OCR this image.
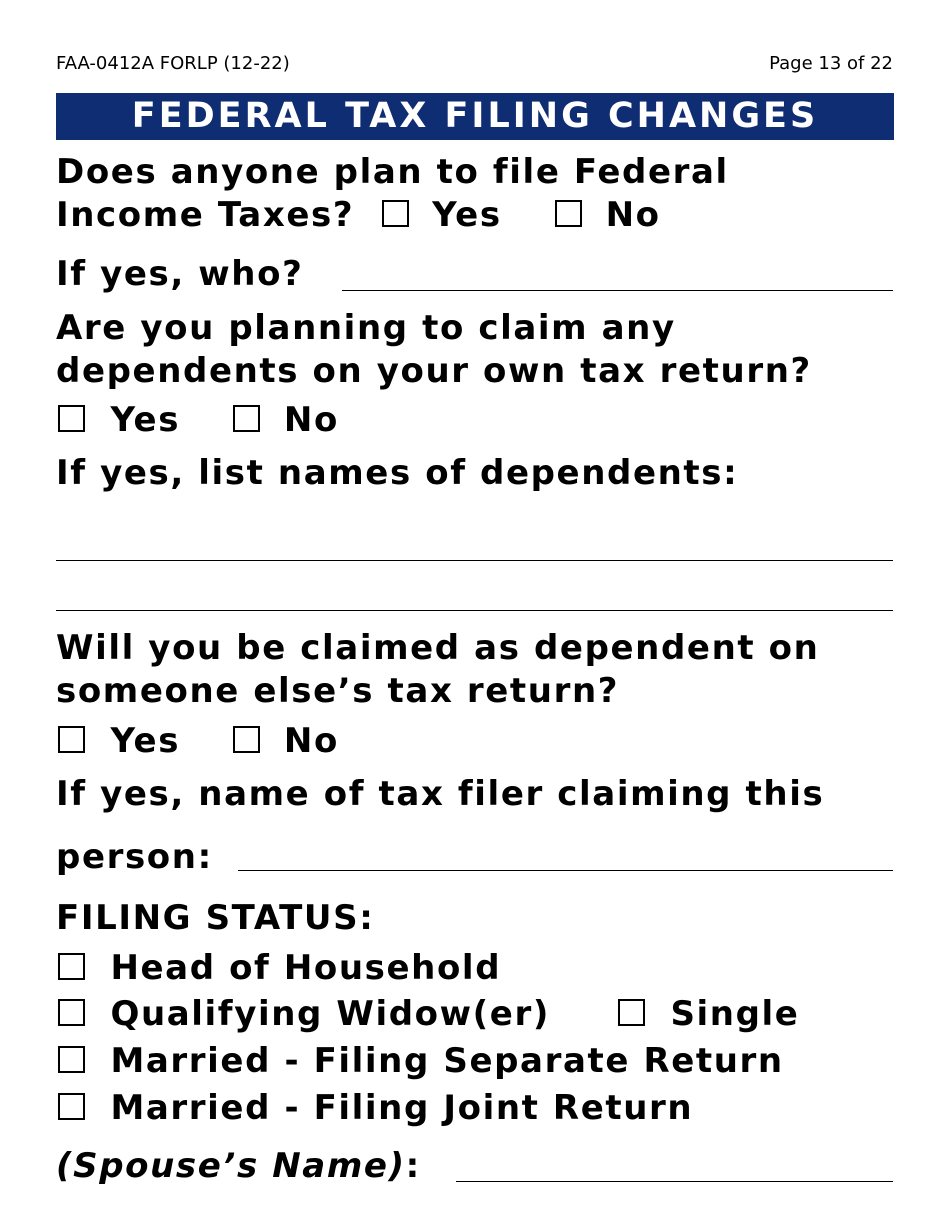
FAA-0412A FORLP (12-22)	Page 13 of 22
FEDERAL TAX FILING CHANGES
Does anyone plan to file Federal
Income Taxes? Yes	No
If yes, who?
Are you planning to claim any
dependents on your own tax return?
Yes	No
If yes, list names of dependents:
Will you be claimed as dependent on
someone else’s tax return?
Yes	No
If yes, name of tax filer claiming this
person:
FILING STATUS:
Head of Household
Qualifying Widow(er)	Single
Married - Filing Separate Return
Married - Filing Joint Return
(Spouse’s Name):
